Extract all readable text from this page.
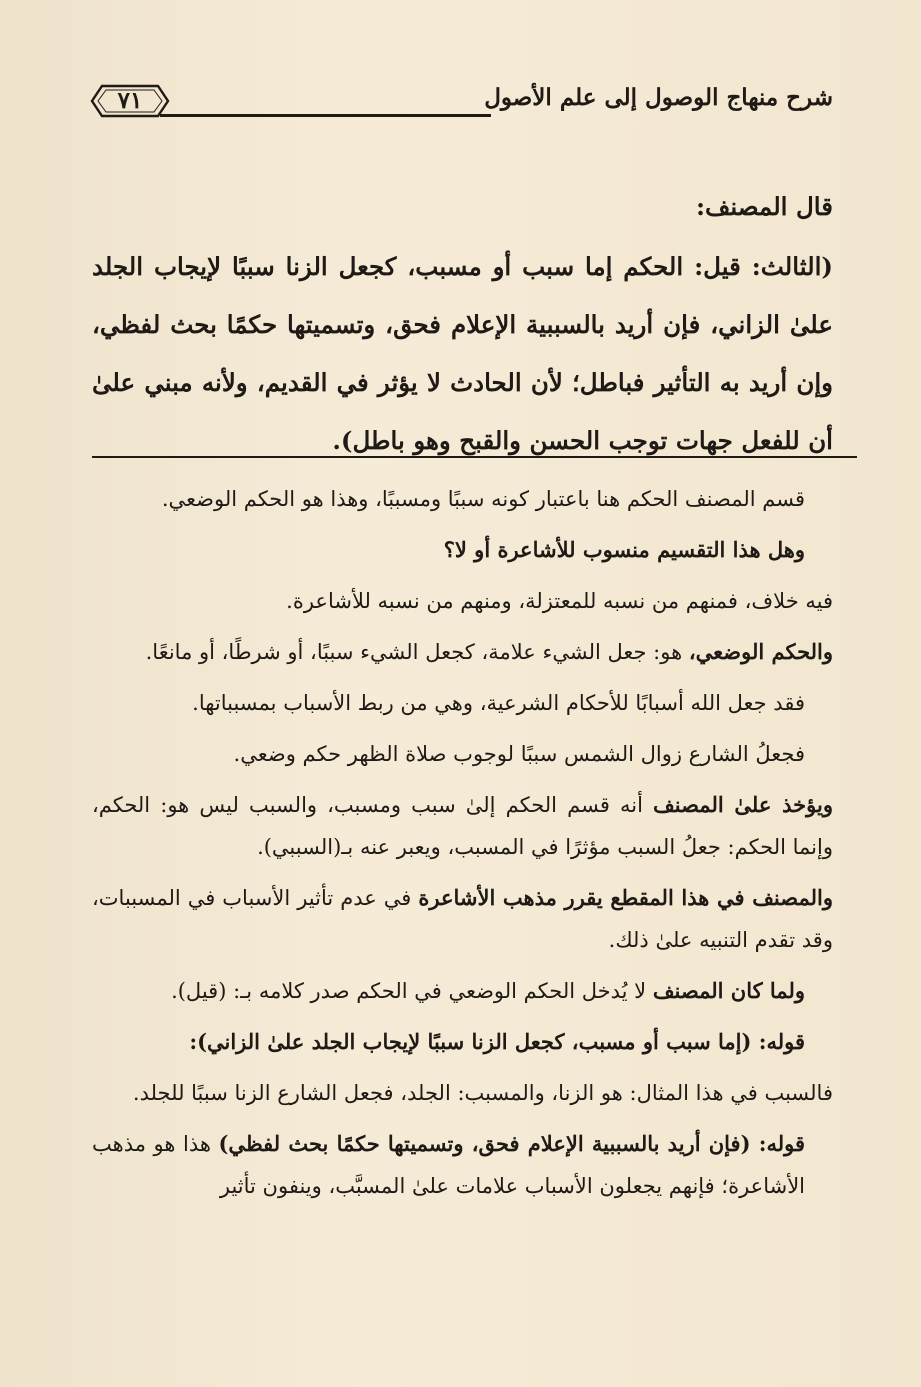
شرح منهاج الوصول إلى علم الأصول
٧١

قال المصنف:

(الثالث: قيل: الحكم إما سبب أو مسبب، كجعل الزنا سببًا لإيجاب الجلد علىٰ الزاني، فإن أريد بالسببية الإعلام فحق، وتسميتها حكمًا بحث لفظي، وإن أريد به التأثير فباطل؛ لأن الحادث لا يؤثر في القديم، ولأنه مبني علىٰ أن للفعل جهات توجب الحسن والقبح وهو باطل).

قسم المصنف الحكم هنا باعتبار كونه سببًا ومسببًا، وهذا هو الحكم الوضعي.

وهل هذا التقسيم منسوب للأشاعرة أو لا؟

فيه خلاف، فمنهم من نسبه للمعتزلة، ومنهم من نسبه للأشاعرة.

والحكم الوضعي، هو: جعل الشيء علامة، كجعل الشيء سببًا، أو شرطًا، أو مانعًا.

فقد جعل الله أسبابًا للأحكام الشرعية، وهي من ربط الأسباب بمسبباتها.

فجعلُ الشارع زوال الشمس سببًا لوجوب صلاة الظهر حكم وضعي.

ويؤخذ علىٰ المصنف أنه قسم الحكم إلىٰ سبب ومسبب، والسبب ليس هو: الحكم، وإنما الحكم: جعلُ السبب مؤثرًا في المسبب، ويعبر عنه بـ(السببي).

والمصنف في هذا المقطع يقرر مذهب الأشاعرة في عدم تأثير الأسباب في المسببات، وقد تقدم التنبيه علىٰ ذلك.

ولما كان المصنف لا يُدخل الحكم الوضعي في الحكم صدر كلامه بـ: (قيل).

قوله: (إما سبب أو مسبب، كجعل الزنا سببًا لإيجاب الجلد علىٰ الزاني):

فالسبب في هذا المثال: هو الزنا، والمسبب: الجلد، فجعل الشارع الزنا سببًا للجلد.

قوله: (فإن أريد بالسببية الإعلام فحق، وتسميتها حكمًا بحث لفظي) هذا هو مذهب الأشاعرة؛ فإنهم يجعلون الأسباب علامات علىٰ المسبَّب، وينفون تأثير
